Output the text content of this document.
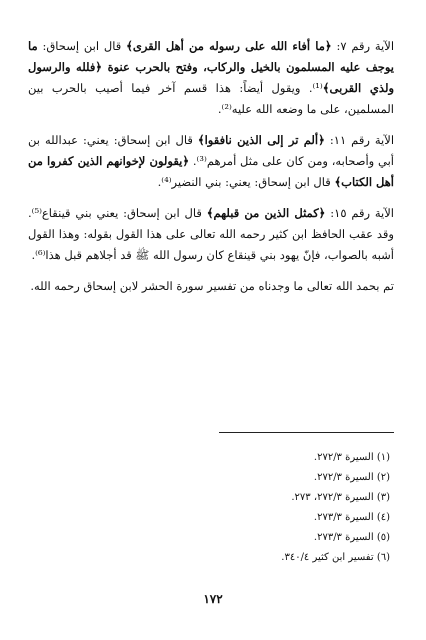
الآية رقم ٧: ﴿ما أفاء الله على رسوله من أهل القرى﴾ قال ابن إسحاق: ما يوجف عليه المسلمون بالخيل والركاب، وفتح بالحرب عنوة ﴿فلله والرسول ولذي القربى﴾⁽¹⁾. ويقول أيضاً: هذا قسم آخر فيما أصيب بالحرب بين المسلمين، على ما وضعه الله عليه⁽²⁾.

الآية رقم ١١: ﴿ألم تر إلى الذين نافقوا﴾ قال ابن إسحاق: يعني: عبدالله بن أبي وأصحابه، ومن كان على مثل أمرهم⁽³⁾. ﴿يقولون لإخوانهم الذين كفروا من أهل الكتاب﴾ قال ابن إسحاق: يعني: بني النضير⁽⁴⁾.

الآية رقم ١٥: ﴿كمثل الذين من قبلهم﴾ قال ابن إسحاق: يعني بني قينقاع⁽⁵⁾. وقد عقب الحافظ ابن كثير رحمه الله تعالى على هذا القول بقوله: وهذا القول أشبه بالصواب، فإنّ يهود بني قينقاع كان رسول الله ﷺ قد أجلاهم قبل هذا⁽⁶⁾.

تم بحمد الله تعالى ما وجدناه من تفسير سورة الحشر لابن إسحاق رحمه الله.

(١) السيرة ٢٧٢/٣.
(٢) السيرة ٢٧٢/٣.
(٣) السيرة ٢٧٢/٣، ٢٧٣.
(٤) السيرة ٢٧٣/٣.
(٥) السيرة ٢٧٣/٣.
(٦) تفسير ابن كثير ٣٤٠/٤.
١٧٢
